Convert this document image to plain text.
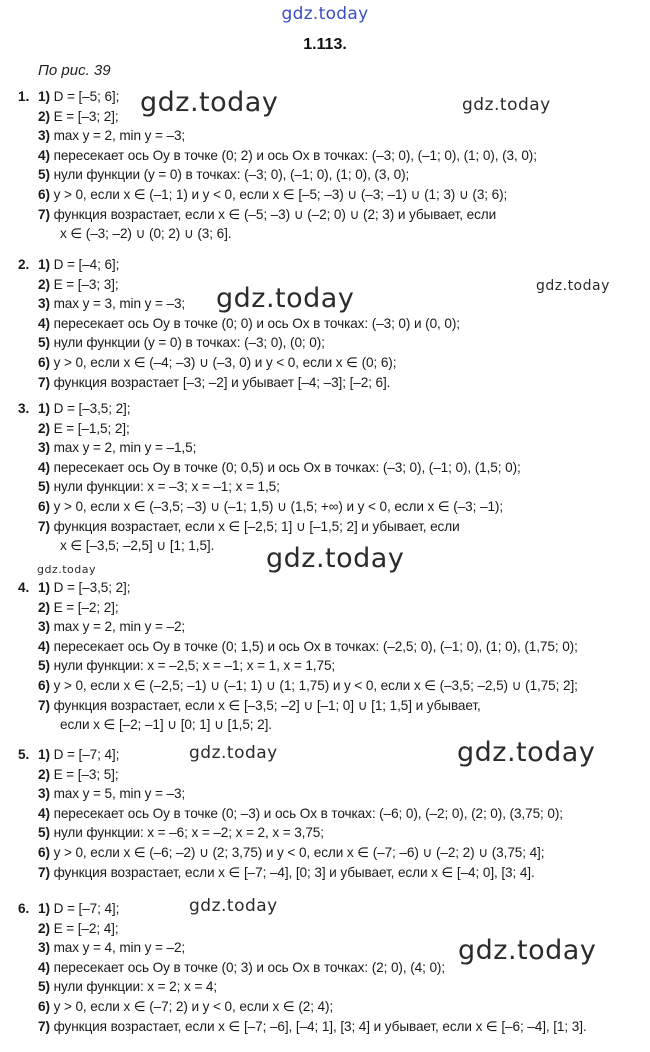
gdz.today
1.113.
По рис. 39
1. 1) D = [–5; 6];
2) E = [–3; 2];
3) max y = 2, min y = –3;
4) пересекает ось Oy в точке (0; 2) и ось Ox в точках: (–3; 0), (–1; 0), (1; 0), (3, 0);
5) нули функции (y = 0) в точках: (–3; 0), (–1; 0), (1; 0), (3, 0);
6) y > 0, если x ∈ (–1; 1) и y < 0, если x ∈ [–5; –3) ∪ (–3; –1) ∪ (1; 3) ∪ (3; 6);
7) функция возрастает, если x ∈ (–5; –3) ∪ (–2; 0) ∪ (2; 3) и убывает, если
x ∈ (–3; –2) ∪ (0; 2) ∪ (3; 6].
2. 1) D = [–4; 6];
2) E = [–3; 3];
3) max y = 3, min y = –3;
4) пересекает ось Oy в точке (0; 0) и ось Ox в точках: (–3; 0) и (0, 0);
5) нули функции (y = 0) в точках: (–3; 0), (0; 0);
6) y > 0, если x ∈ (–4; –3) ∪ (–3, 0) и y < 0, если x ∈ (0; 6);
7) функция возрастает [–3; –2] и убывает [–4; –3]; [–2; 6].
3. 1) D = [–3,5; 2];
2) E = [–1,5; 2];
3) max y = 2, min y = –1,5;
4) пересекает ось Oy в точке (0; 0,5) и ось Ox в точках: (–3; 0), (–1; 0), (1,5; 0);
5) нули функции: x = –3; x = –1; x = 1,5;
6) y > 0, если x ∈ (–3,5; –3) ∪ (–1; 1,5) ∪ (1,5; +∞) и y < 0, если x ∈ (–3; –1);
7) функция возрастает, если x ∈ [–2,5; 1] ∪ [–1,5; 2] и убывает, если
x ∈ [–3,5; –2,5] ∪ [1; 1,5].
4. 1) D = [–3,5; 2];
2) E = [–2; 2];
3) max y = 2, min y = –2;
4) пересекает ось Oy в точке (0; 1,5) и ось Ox в точках: (–2,5; 0), (–1; 0), (1; 0), (1,75; 0);
5) нули функции: x = –2,5; x = –1; x = 1, x = 1,75;
6) y > 0, если x ∈ (–2,5; –1) ∪ (–1; 1) ∪ (1; 1,75) и y < 0, если x ∈ (–3,5; –2,5) ∪ (1,75; 2];
7) функция возрастает, если x ∈ [–3,5; –2] ∪ [–1; 0] ∪ [1; 1,5] и убывает,
если x ∈ [–2; –1] ∪ [0; 1] ∪ [1,5; 2].
5. 1) D = [–7; 4];
2) E = [–3; 5];
3) max y = 5, min y = –3;
4) пересекает ось Oy в точке (0; –3) и ось Ox в точках: (–6; 0), (–2; 0), (2; 0), (3,75; 0);
5) нули функции: x = –6; x = –2; x = 2, x = 3,75;
6) y > 0, если x ∈ (–6; –2) ∪ (2; 3,75) и y < 0, если x ∈ (–7; –6) ∪ (–2; 2) ∪ (3,75; 4];
7) функция возрастает, если x ∈ [–7; –4], [0; 3] и убывает, если x ∈ [–4; 0], [3; 4].
6. 1) D = [–7; 4];
2) E = [–2; 4];
3) max y = 4, min y = –2;
4) пересекает ось Oy в точке (0; 3) и ось Ox в точках: (2; 0), (4; 0);
5) нули функции: x = 2; x = 4;
6) y > 0, если x ∈ (–7; 2) и y < 0, если x ∈ (2; 4);
7) функция возрастает, если x ∈ [–7; –6], [–4; 1], [3; 4] и убывает, если x ∈ [–6; –4], [1; 3].
gdz.today	gdz.today
gdz.today	gdz.today
gdz.today
gdz.today
gdz.today	gdz.today
gdz.today
gdz.today
